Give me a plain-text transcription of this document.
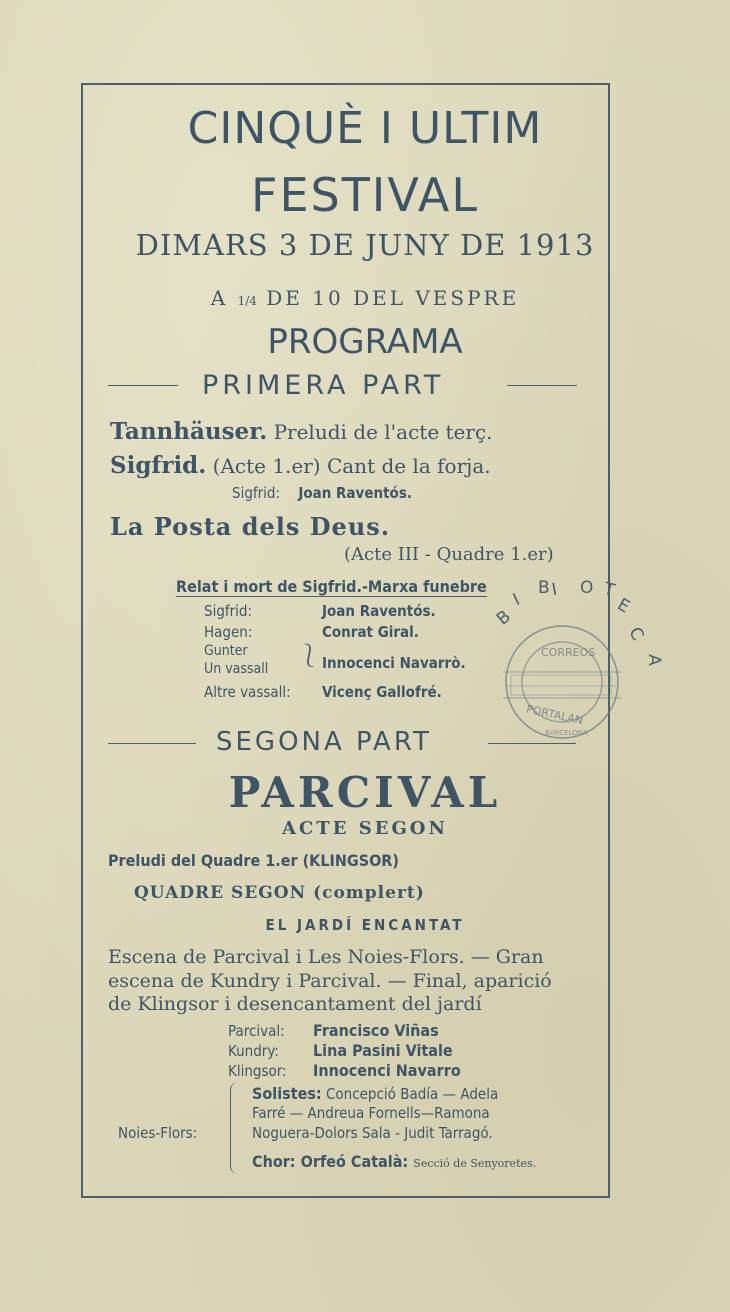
CINQUÈ I ULTIM
FESTIVAL
DIMARS 3 DE JUNY DE 1913
A 1/4 DE 10 DEL VESPRE
PROGRAMA
PRIMERA PART
Tannhäuser. Preludi de l'acte terç.
Sigfrid. (Acte 1.er) Cant de la forja.
Sigfrid: Joan Raventós.
La Posta dels Deus.
(Acte III - Quadre 1.er)
Relat i mort de Sigfrid.-Marxa funebre
Sigfrid:	Joan Raventós.
Hagen:	Conrat Giral.
Gunter
Un vassall ⎱ Innocenci Navarrò.
Altre vassall: Vicenç Gallofré.
SEGONA PART
PARCIVAL
ACTE SEGON
Preludi del Quadre 1.er (KLINGSOR)
QUADRE SEGON (complert)
EL JARDÍ ENCANTAT
Escena de Parcival i Les Noies-Flors. — Gran
escena de Kundry i Parcival. — Final, aparició
de Klingsor i desencantament del jardí
Parcival: Francisco Viñas
Kundry: Lina Pasini Vitale
Klingsor: Innocenci Navarro
Noies-Flors:
Solistes: Concepció Badía — Adela
Farré — Andreua Fornells—Ramona
Noguera-Dolors Sala - Judit Tarragó.
Chor: Orfeó Català: Secció de Senyoretes.
B
I
B I O T
E
C
A
CORREOS
PORTALAN
BARCELONA
